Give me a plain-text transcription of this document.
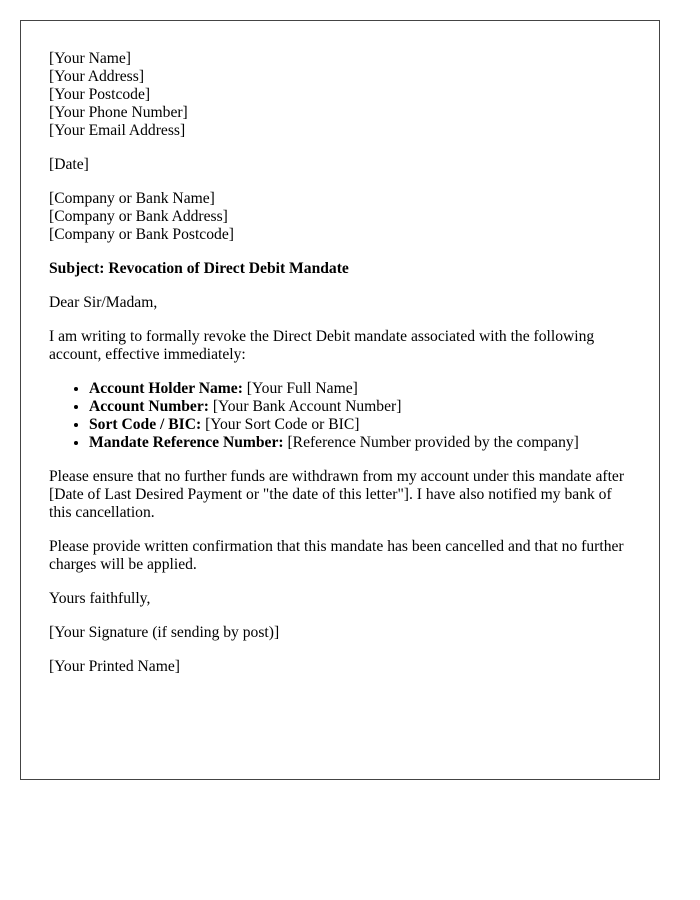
[Your Name]
[Your Address]
[Your Postcode]
[Your Phone Number]
[Your Email Address]
[Date]
[Company or Bank Name]
[Company or Bank Address]
[Company or Bank Postcode]
Subject: Revocation of Direct Debit Mandate

Dear Sir/Madam,

I am writing to formally revoke the Direct Debit mandate associated with the following account, effective immediately:

• Account Holder Name: [Your Full Name]
• Account Number: [Your Bank Account Number]
• Sort Code / BIC: [Your Sort Code or BIC]
• Mandate Reference Number: [Reference Number provided by the company]

Please ensure that no further funds are withdrawn from my account under this mandate after [Date of Last Desired Payment or "the date of this letter"]. I have also notified my bank of this cancellation.

Please provide written confirmation that this mandate has been cancelled and that no further charges will be applied.

Yours faithfully,

[Your Signature (if sending by post)]

[Your Printed Name]
